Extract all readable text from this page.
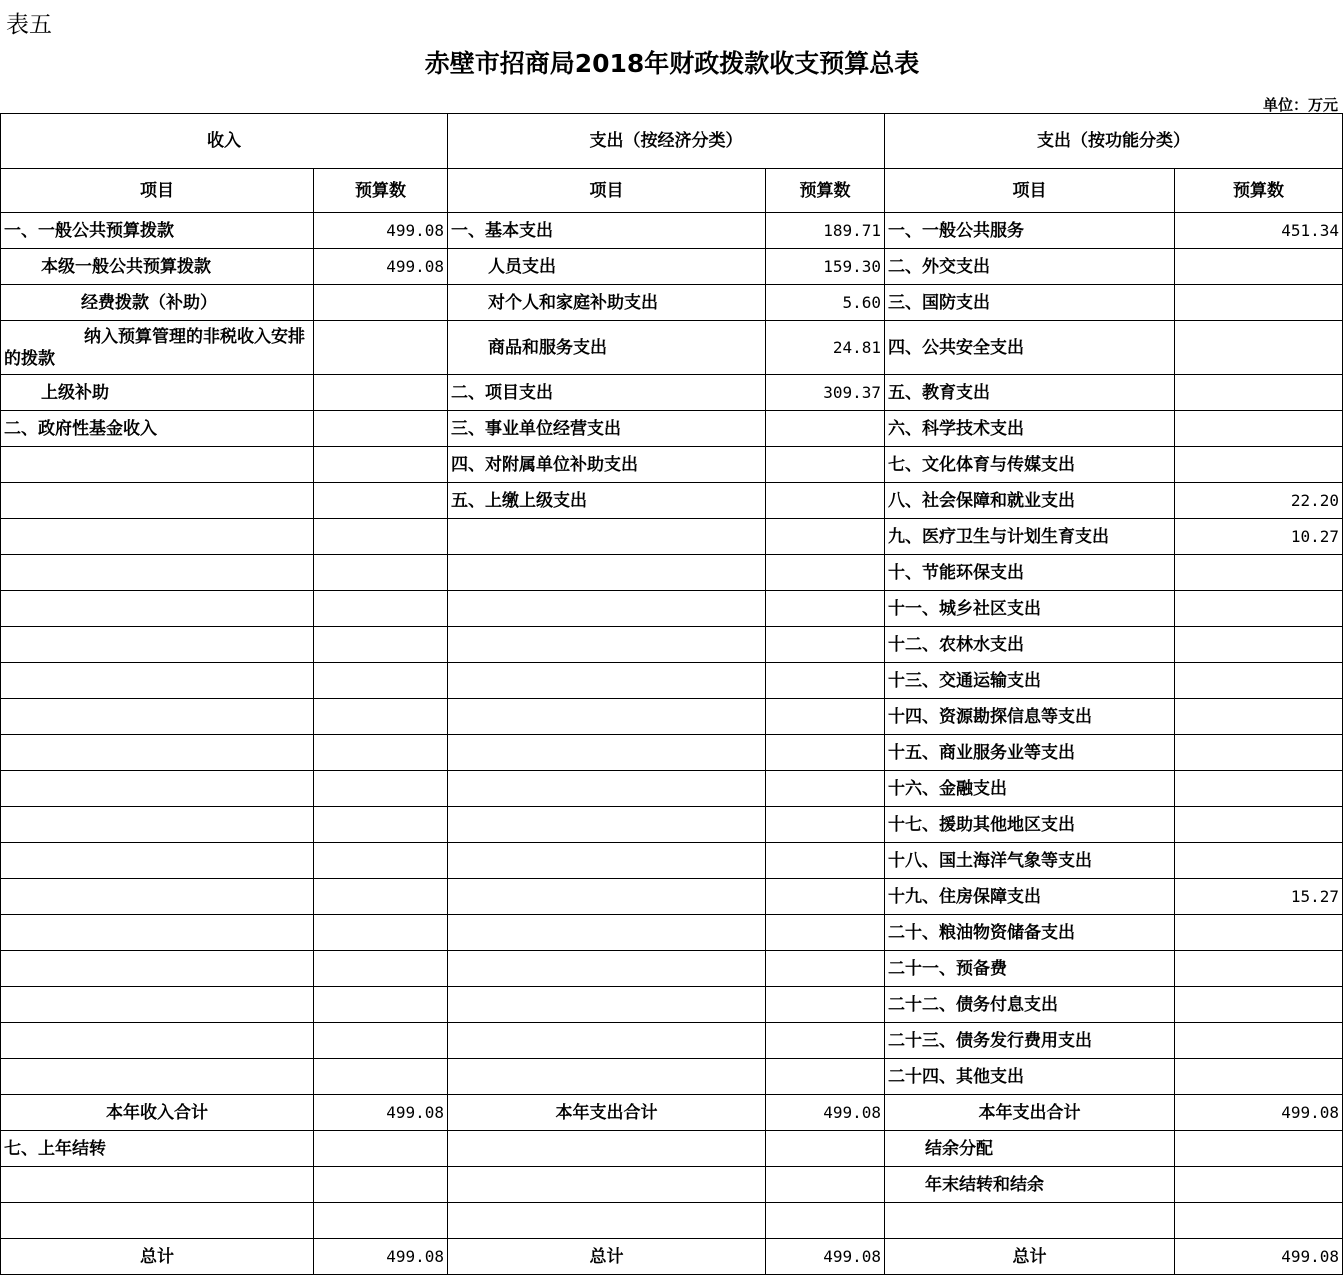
表五
赤壁市招商局2018年财政拨款收支预算总表
单位：万元
收入		支出（按经济分类）		支出（按功能分类）	
项目	预算数	项目	预算数	项目	预算数
一、一般公共预算拨款	499.08	一、基本支出	189.71	一、一般公共服务	451.34
本级一般公共预算拨款	499.08	人员支出	159.30	二、外交支出	
经费拨款（补助）		对个人和家庭补助支出	5.60	三、国防支出	
纳入预算管理的非税收入安排的拨款		商品和服务支出	24.81	四、公共安全支出	
上级补助		二、项目支出	309.37	五、教育支出	
二、政府性基金收入		三、事业单位经营支出		六、科学技术支出	
		四、对附属单位补助支出		七、文化体育与传媒支出	
		五、上缴上级支出		八、社会保障和就业支出	22.20
				九、医疗卫生与计划生育支出	10.27
				十、节能环保支出	
				十一、城乡社区支出	
				十二、农林水支出	
				十三、交通运输支出	
				十四、资源勘探信息等支出	
				十五、商业服务业等支出	
				十六、金融支出	
				十七、援助其他地区支出	
				十八、国土海洋气象等支出	
				十九、住房保障支出	15.27
				二十、粮油物资储备支出	
				二十一、预备费	
				二十二、债务付息支出	
				二十三、债务发行费用支出	
				二十四、其他支出	
本年收入合计	499.08	本年支出合计	499.08	本年支出合计	499.08
七、上年结转				结余分配	
				年末结转和结余	

总计	499.08	总计	499.08	总计	499.08
